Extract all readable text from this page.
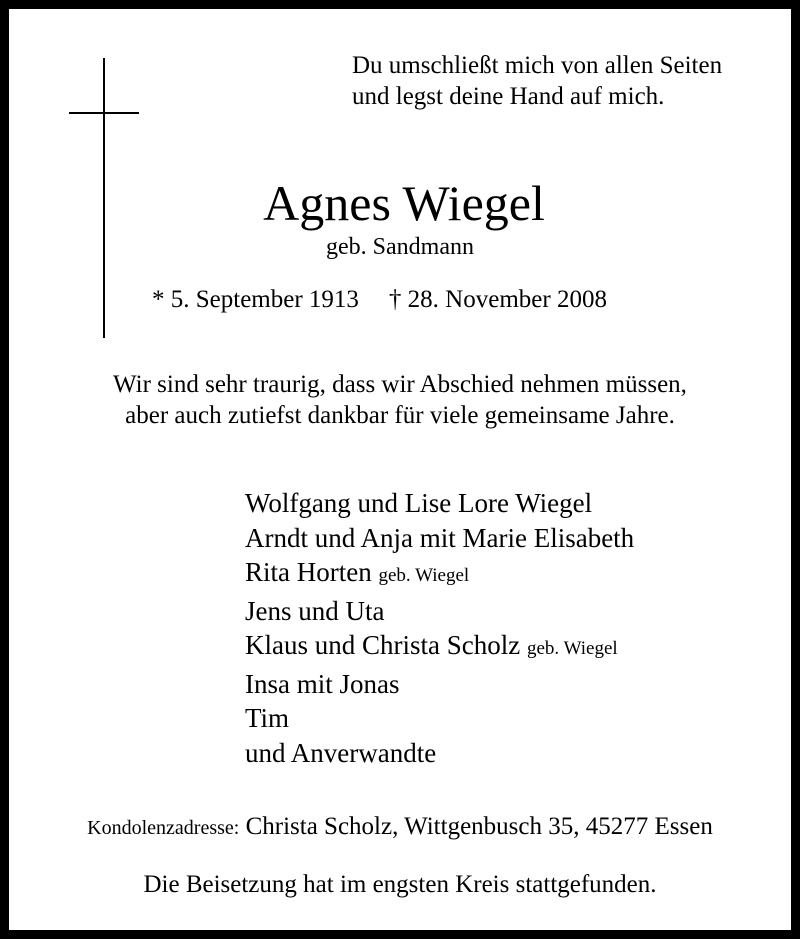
Du umschließt mich von allen Seiten
und legst deine Hand auf mich.
Agnes Wiegel
geb. Sandmann
* 5. September 1913 † 28. November 2008
Wir sind sehr traurig, dass wir Abschied nehmen müssen,
aber auch zutiefst dankbar für viele gemeinsame Jahre.
Wolfgang und Lise Lore Wiegel
Arndt und Anja mit Marie Elisabeth
Rita Horten geb. Wiegel
Jens und Uta
Klaus und Christa Scholz geb. Wiegel
Insa mit Jonas
Tim
und Anverwandte
Kondolenzadresse: Christa Scholz, Wittgenbusch 35, 45277 Essen
Die Beisetzung hat im engsten Kreis stattgefunden.
